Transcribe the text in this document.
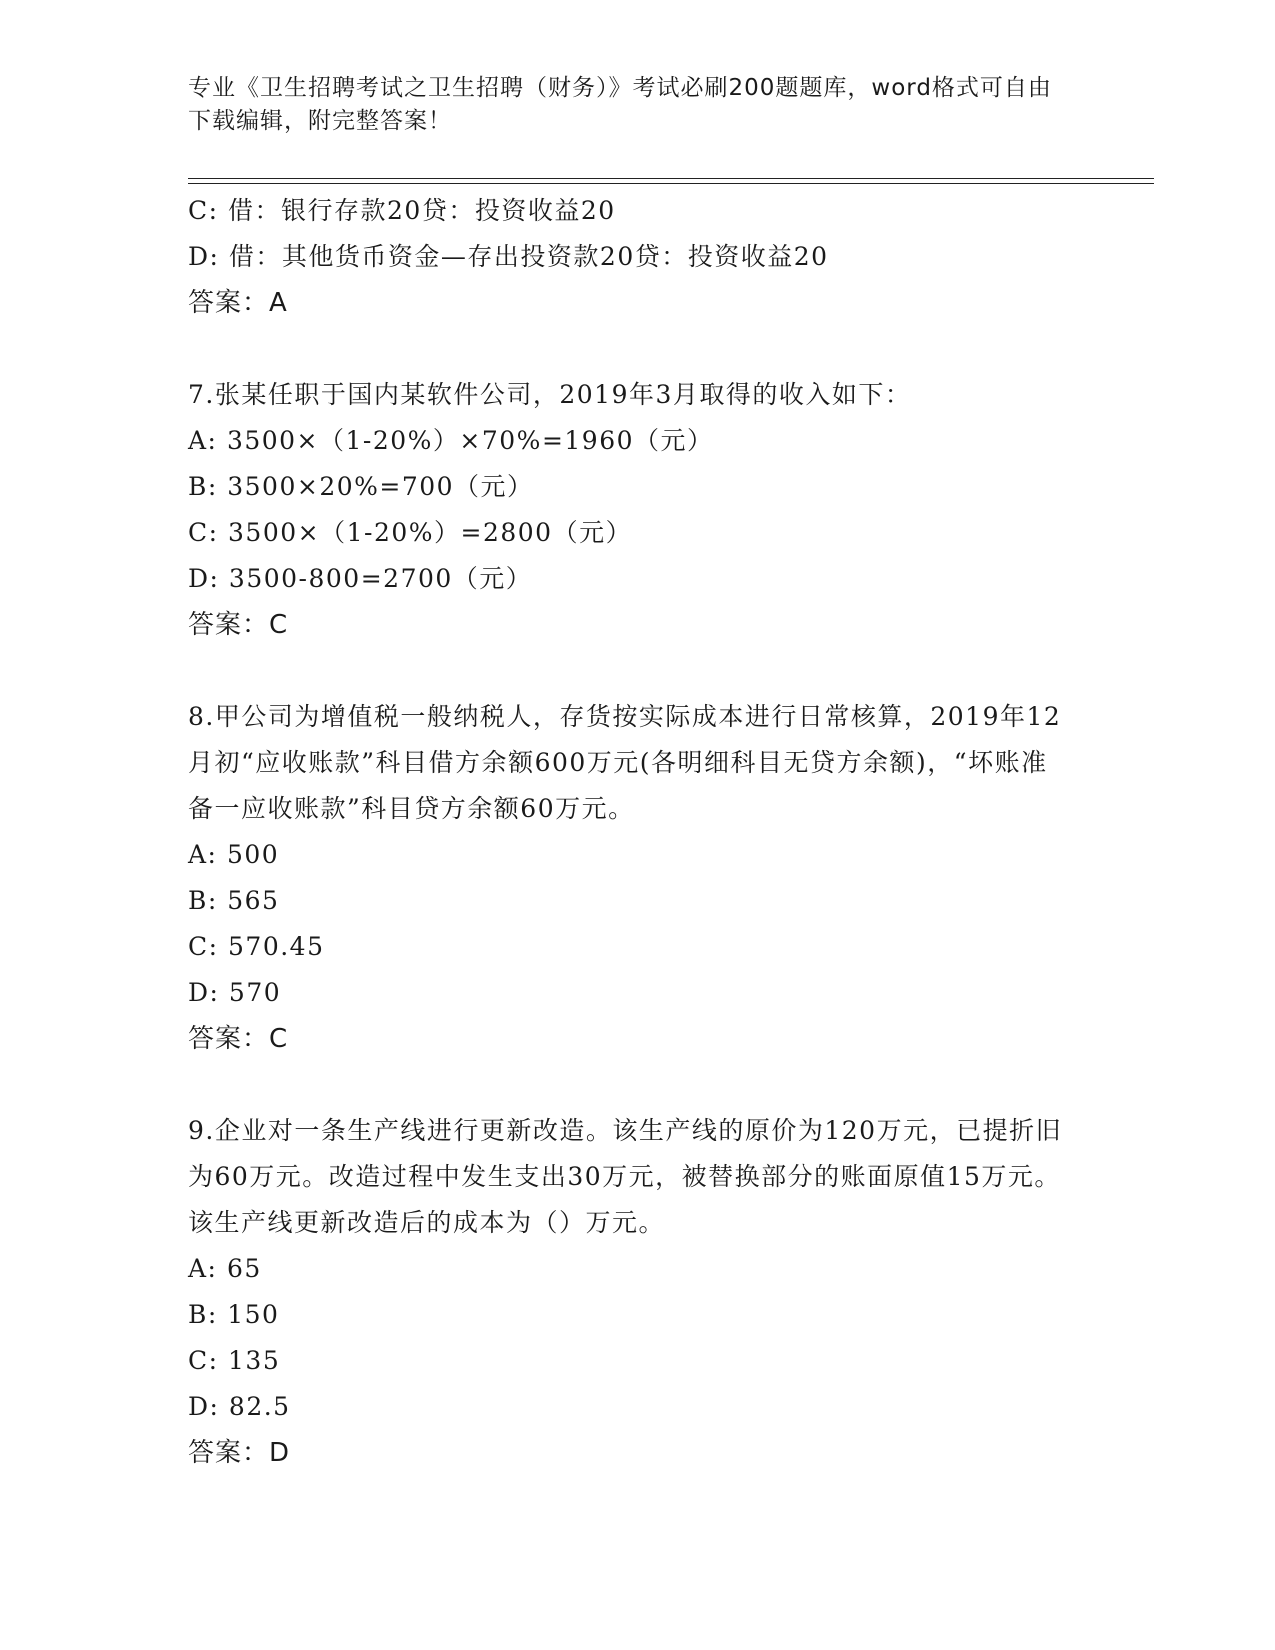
专业《卫生招聘考试之卫生招聘（财务）》考试必刷200题题库，word格式可自由下载编辑，附完整答案！
C: 借：银行存款20贷：投资收益20
D: 借：其他货币资金—存出投资款20贷：投资收益20
答案：A
7.张某任职于国内某软件公司，2019年3月取得的收入如下：
A: 3500×（1-20%）×70%=1960（元）
B: 3500×20%=700（元）
C: 3500×（1-20%）=2800（元）
D: 3500-800=2700（元）
答案：C
8.甲公司为增值税一般纳税人，存货按实际成本进行日常核算，2019年12月初“应收账款”科目借方余额600万元(各明细科目无贷方余额)，“坏账准备一应收账款”科目贷方余额60万元。
A: 500
B: 565
C: 570.45
D: 570
答案：C
9.企业对一条生产线进行更新改造。该生产线的原价为120万元，已提折旧为60万元。改造过程中发生支出30万元，被替换部分的账面原值15万元。该生产线更新改造后的成本为（）万元。
A: 65
B: 150
C: 135
D: 82.5
答案：D
